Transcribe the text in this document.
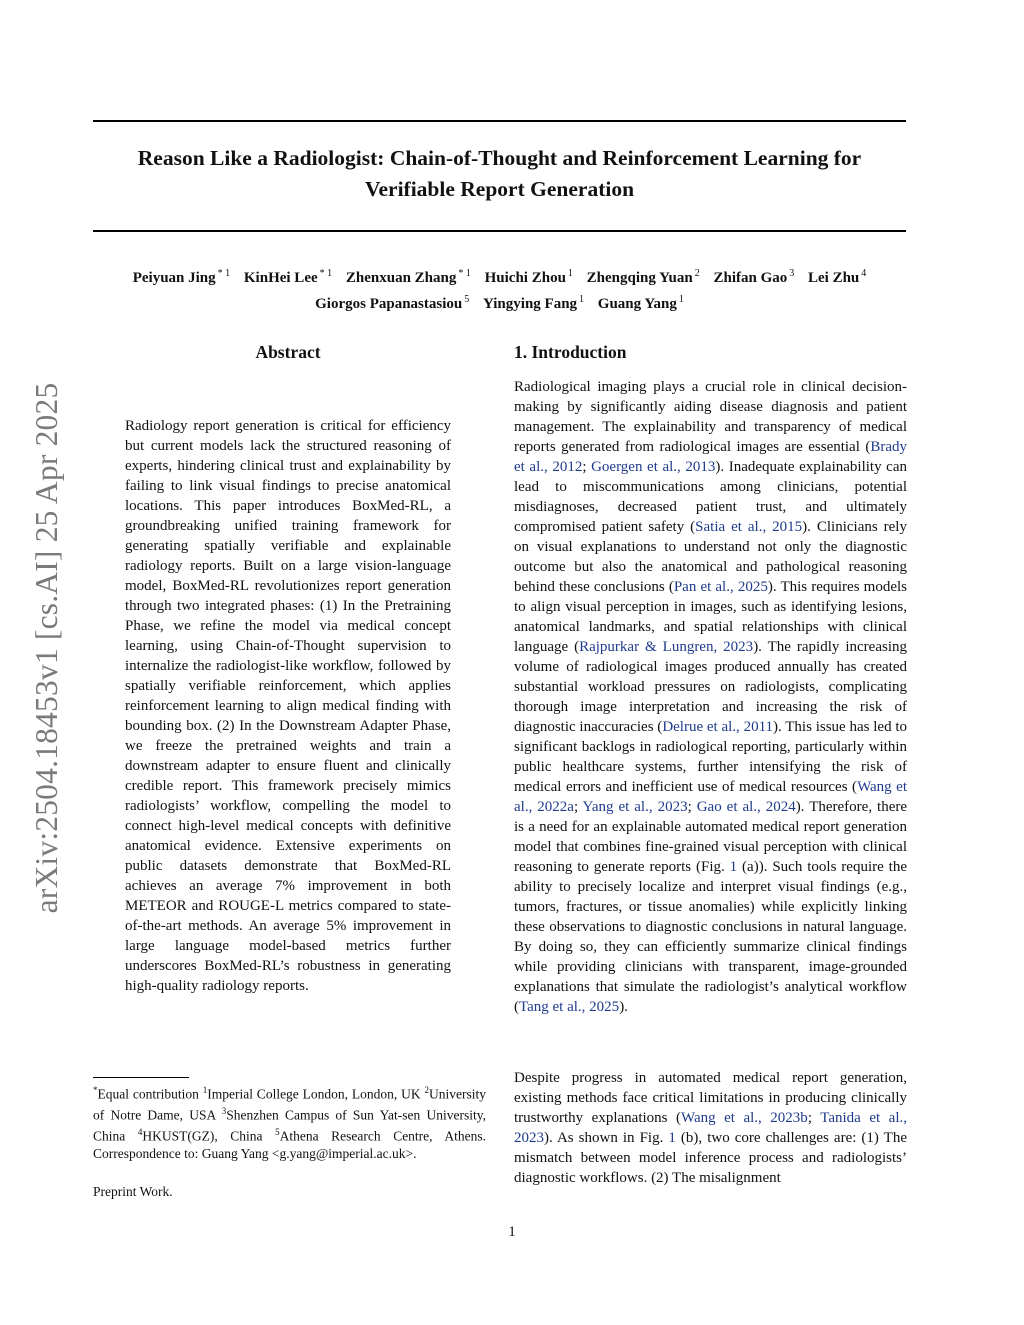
Reason Like a Radiologist: Chain-of-Thought and Reinforcement Learning for
Verifiable Report Generation
Peiyuan Jing $^{* 1}$ KinHei Lee $^{* 1}$ Zhenxuan Zhang $^{* 1}$ Huichi Zhou $^1$ Zhengqing Yuan $^2$ Zhifan Gao $^3$ Lei Zhu $^4$
Giorgos Papanastasiou $^5$ Yingying Fang $^1$ Guang Yang $^1$
arXiv:2504.18453v1 [cs.AI] 25 Apr 2025
Abstract
Radiology report generation is critical for efficiency but current models lack the structured reasoning of experts, hindering clinical trust and explainability by failing to link visual findings to precise anatomical locations. This paper introduces BoxMed-RL, a groundbreaking unified training framework for generating spatially verifiable and explainable radiology reports. Built on a large vision-language model, BoxMed-RL revolutionizes report generation through two integrated phases: (1) In the Pretraining Phase, we refine the model via medical concept learning, using Chain-of-Thought supervision to internalize the radiologist-like workflow, followed by spatially verifiable reinforcement, which applies reinforcement learning to align medical finding with bounding box. (2) In the Downstream Adapter Phase, we freeze the pretrained weights and train a downstream adapter to ensure fluent and clinically credible report. This framework precisely mimics radiologists’ workflow, compelling the model to connect high-level medical concepts with definitive anatomical evidence. Extensive experiments on public datasets demonstrate that BoxMed-RL achieves an average 7% improvement in both METEOR and ROUGE-L metrics compared to state-of-the-art methods. An average 5% improvement in large language model-based metrics further underscores BoxMed-RL’s robustness in generating high-quality radiology reports.
1. Introduction

Radiological imaging plays a crucial role in clinical decision-making by significantly aiding disease diagnosis and patient management. The explainability and transparency of medical reports generated from radiological images are essential (Brady et al., 2012; Goergen et al., 2013). Inadequate explainability can lead to miscommunications among clinicians, potential misdiagnoses, decreased patient trust, and ultimately compromised patient safety (Satia et al., 2015). Clinicians rely on visual explanations to understand not only the diagnostic outcome but also the anatomical and pathological reasoning behind these conclusions (Pan et al., 2025). This requires models to align visual perception in images, such as identifying lesions, anatomical landmarks, and spatial relationships with clinical language (Rajpurkar & Lungren, 2023). The rapidly increasing volume of radiological images produced annually has created substantial workload pressures on radiologists, complicating thorough image interpretation and increasing the risk of diagnostic inaccuracies (Delrue et al., 2011). This issue has led to significant backlogs in radiological reporting, particularly within public healthcare systems, further intensifying the risk of medical errors and inefficient use of medical resources (Wang et al., 2022a; Yang et al., 2023; Gao et al., 2024). Therefore, there is a need for an explainable automated medical report generation model that combines fine-grained visual perception with clinical reasoning to generate reports (Fig. 1 (a)). Such tools require the ability to precisely localize and interpret visual findings (e.g., tumors, fractures, or tissue anomalies) while explicitly linking these observations to diagnostic conclusions in natural language. By doing so, they can efficiently summarize clinical findings while providing clinicians with transparent, image-grounded explanations that simulate the radiologist’s analytical workflow (Tang et al., 2025).

Despite progress in automated medical report generation, existing methods face critical limitations in producing clinically trustworthy explanations (Wang et al., 2023b; Tanida et al., 2023). As shown in Fig. 1 (b), two core challenges are: (1) The mismatch between model inference process and radiologists’ diagnostic workflows. (2) The misalignment

*Equal contribution $^1$Imperial College London, London, UK $^2$University of Notre Dame, USA $^3$Shenzhen Campus of Sun Yat-sen University, China $^4$HKUST(GZ), China $^5$Athena Research Centre, Athens. Correspondence to: Guang Yang <g.yang@imperial.ac.uk>.
Preprint Work.
1
